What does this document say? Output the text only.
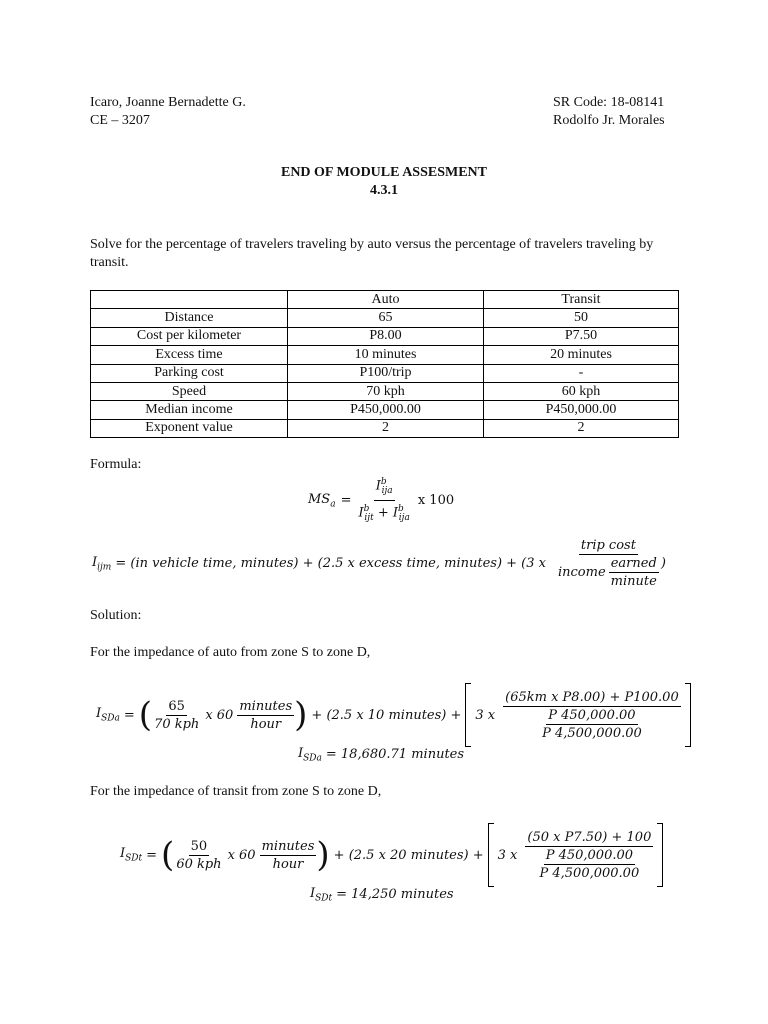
Icaro, Joanne Bernadette G.
CE – 3207
SR Code: 18-08141
Rodolfo Jr. Morales
END OF MODULE ASSESMENT
4.3.1
Solve for the percentage of travelers traveling by auto versus the percentage of travelers traveling by transit.
	Auto	Transit
Distance	65	50
Cost per kilometer	P8.00	P7.50
Excess time	10 minutes	20 minutes
Parking cost	P100/trip	-
Speed	70 kph	60 kph
Median income	P450,000.00	P450,000.00
Exponent value	2	2
Formula:
$MS_a = \frac{I^b_{ija}}{I^b_{ijt} + I^b_{ija}}$ x 100
$I_{ijm} = (in$ vehicle time, minutes) + (2.5 x excess time, minutes) + (3 x $\frac{\text{trip cost}}{income \frac{\text{earned}}{\text{minute}}}$ )
Solution:
For the impedance of auto from zone S to zone D,
$I_{SDa}$ = ( $\frac{65}{\text{70 kph}}$ x $60 \frac{\text{minutes}}{\text{hour}}$ ) + (2.5 x 10 minutes) + 3 x $\frac{\text{(65km x P8.00) + P100.00}}{\frac{P 450,000.00}{P 4,500,000.00}}$
$I_{SDa} = 18,680.71$ minutes
For the impedance of transit from zone S to zone D,
$I_{SDt}$ = ( $\frac{50}{\text{60 kph}}$ x $60 \frac{\text{minutes}}{\text{hour}}$ ) + (2.5 x 20 minutes) + 3 x $\frac{\text{(50 x P7.50) + 100}}{\frac{P 450,000.00}{P 4,500,000.00}}$
$I_{SDt} = 14,250$ minutes
